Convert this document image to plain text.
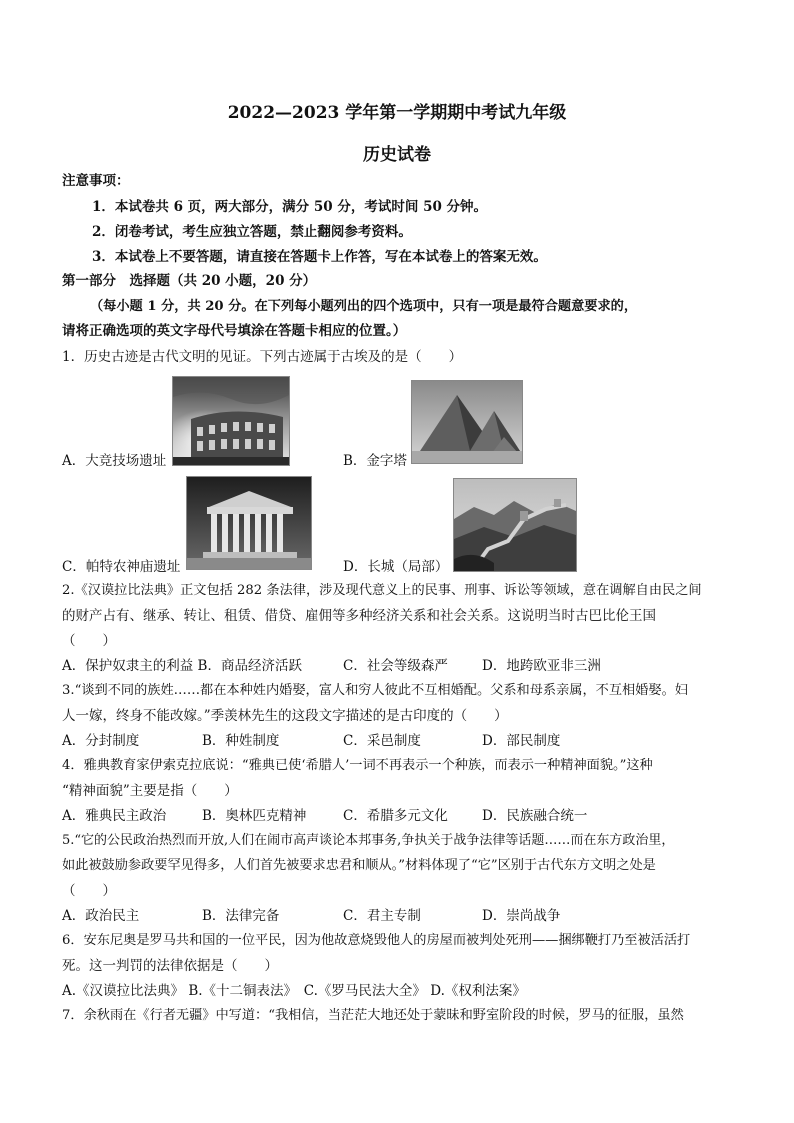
2022—2023 学年第一学期期中考试九年级
历史试卷
注意事项：
1．本试卷共 6 页，两大部分，满分 50 分，考试时间 50 分钟。
2．闭卷考试，考生应独立答题，禁止翻阅参考资料。
3．本试卷上不要答题，请直接在答题卡上作答，写在本试卷上的答案无效。
第一部分　选择题（共 20 小题，20 分）
（每小题 1 分，共 20 分。在下列每小题列出的四个选项中，只有一项是最符合题意要求的，
请将正确选项的英文字母代号填涂在答题卡相应的位置。）
1．历史古迹是古代文明的见证。下列古迹属于古埃及的是（　　）
A．大竞技场遗址	B．金字塔
C．帕特农神庙遗址	D．长城（局部）
2.《汉谟拉比法典》正文包括 282 条法律，涉及现代意义上的民事、刑事、诉讼等领域，意在调解自由民之间
的财产占有、继承、转让、租赁、借贷、雇佣等多种经济关系和社会关系。这说明当时古巴比伦王国
（　　）
A．保护奴隶主的利益 B．商品经济活跃	C．社会等级森严	D．地跨欧亚非三洲
3.“谈到不同的族姓……都在本种姓内婚娶，富人和穷人彼此不互相婚配。父系和母系亲属，不互相婚娶。妇
人一嫁，终身不能改嫁。”季羡林先生的这段文字描述的是古印度的（　　）
A．分封制度	B．种姓制度	C．采邑制度	D．部民制度
4．雅典教育家伊索克拉底说：“雅典已使‘希腊人’一词不再表示一个种族，而表示一种精神面貌。”这种
“精神面貌”主要是指（　　）
A．雅典民主政治	B．奥林匹克精神	C．希腊多元文化	D．民族融合统一
5.“它的公民政治热烈而开放,人们在闹市高声谈论本邦事务,争执关于战争法律等话题……而在东方政治里，
如此被鼓励参政要罕见得多，人们首先被要求忠君和顺从。”材料体现了“它”区别于古代东方文明之处是
（　　）
A．政治民主	B．法律完备	C．君主专制	D．崇尚战争
6．安东尼奥是罗马共和国的一位平民，因为他故意烧毁他人的房屋而被判处死刑——捆绑鞭打乃至被活活打
死。这一判罚的法律依据是（　　）
A.《汉谟拉比法典》 B.《十二铜表法》　C.《罗马民法大全》 D.《权利法案》
7．余秋雨在《行者无疆》中写道：“我相信，当茫茫大地还处于蒙昧和野室阶段的时候，罗马的征服，虽然
